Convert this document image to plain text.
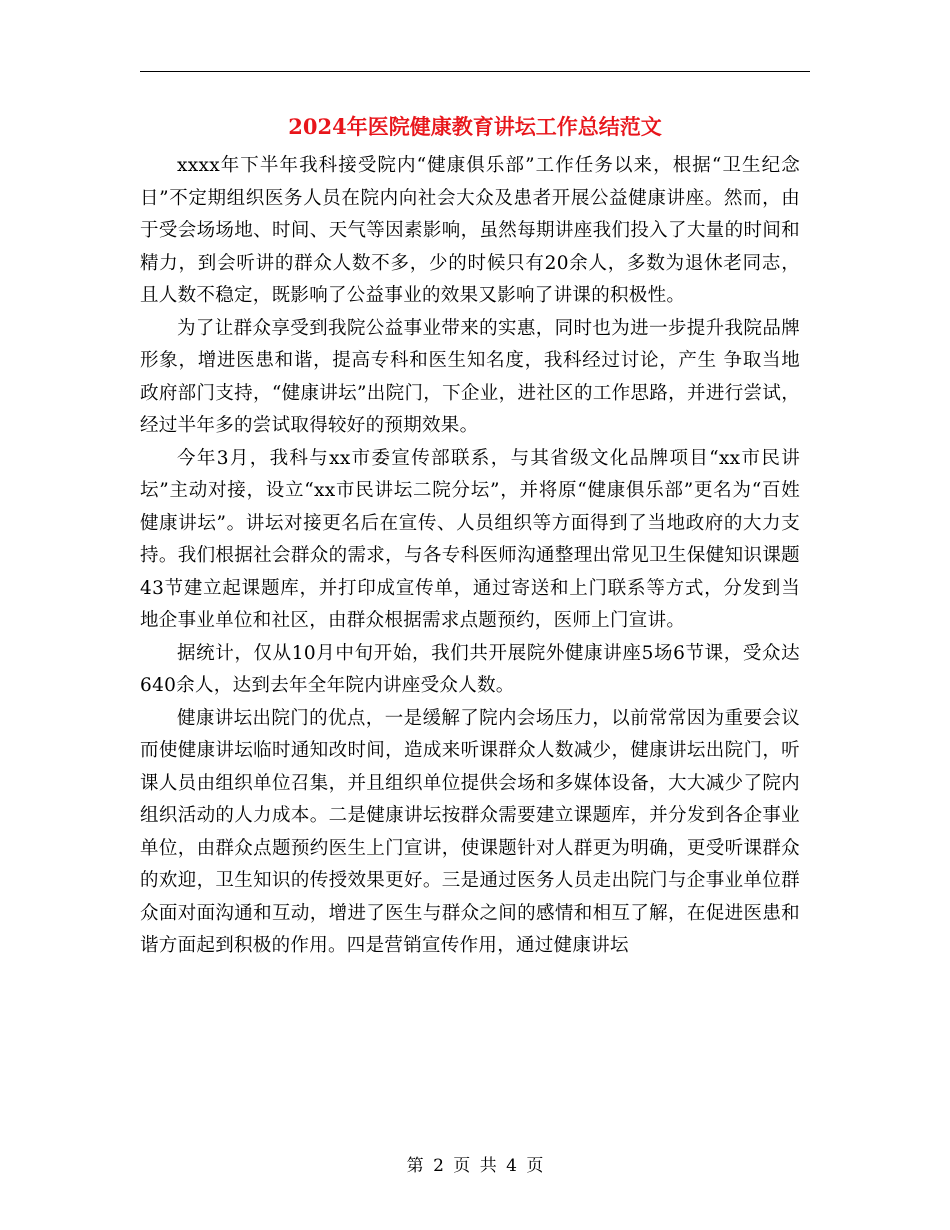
2024年医院健康教育讲坛工作总结范文

xxxx年下半年我科接受院内“健康俱乐部”工作任务以来，根据“卫生纪念日”不定期组织医务人员在院内向社会大众及患者开展公益健康讲座。然而，由于受会场场地、时间、天气等因素影响，虽然每期讲座我们投入了大量的时间和精力，到会听讲的群众人数不多，少的时候只有20余人，多数为退休老同志，且人数不稳定，既影响了公益事业的效果又影响了讲课的积极性。

为了让群众享受到我院公益事业带来的实惠，同时也为进一步提升我院品牌形象，增进医患和谐，提高专科和医生知名度，我科经过讨论，产生 争取当地政府部门支持，“健康讲坛”出院门，下企业，进社区的工作思路，并进行尝试，经过半年多的尝试取得较好的预期效果。

今年3月，我科与xx市委宣传部联系，与其省级文化品牌项目“xx市民讲坛”主动对接，设立“xx市民讲坛二院分坛”，并将原“健康俱乐部”更名为“百姓健康讲坛”。讲坛对接更名后在宣传、人员组织等方面得到了当地政府的大力支持。我们根据社会群众的需求，与各专科医师沟通整理出常见卫生保健知识课题43节建立起课题库，并打印成宣传单，通过寄送和上门联系等方式，分发到当地企事业单位和社区，由群众根据需求点题预约，医师上门宣讲。

据统计，仅从10月中旬开始，我们共开展院外健康讲座5场6节课，受众达640余人，达到去年全年院内讲座受众人数。

健康讲坛出院门的优点，一是缓解了院内会场压力，以前常常因为重要会议而使健康讲坛临时通知改时间，造成来听课群众人数减少，健康讲坛出院门，听课人员由组织单位召集，并且组织单位提供会场和多媒体设备，大大减少了院内组织活动的人力成本。二是健康讲坛按群众需要建立课题库，并分发到各企事业单位，由群众点题预约医生上门宣讲，使课题针对人群更为明确，更受听课群众的欢迎，卫生知识的传授效果更好。三是通过医务人员走出院门与企事业单位群众面对面沟通和互动，增进了医生与群众之间的感情和相互了解，在促进医患和谐方面起到积极的作用。四是营销宣传作用，通过健康讲坛

第 2 页 共 4 页
